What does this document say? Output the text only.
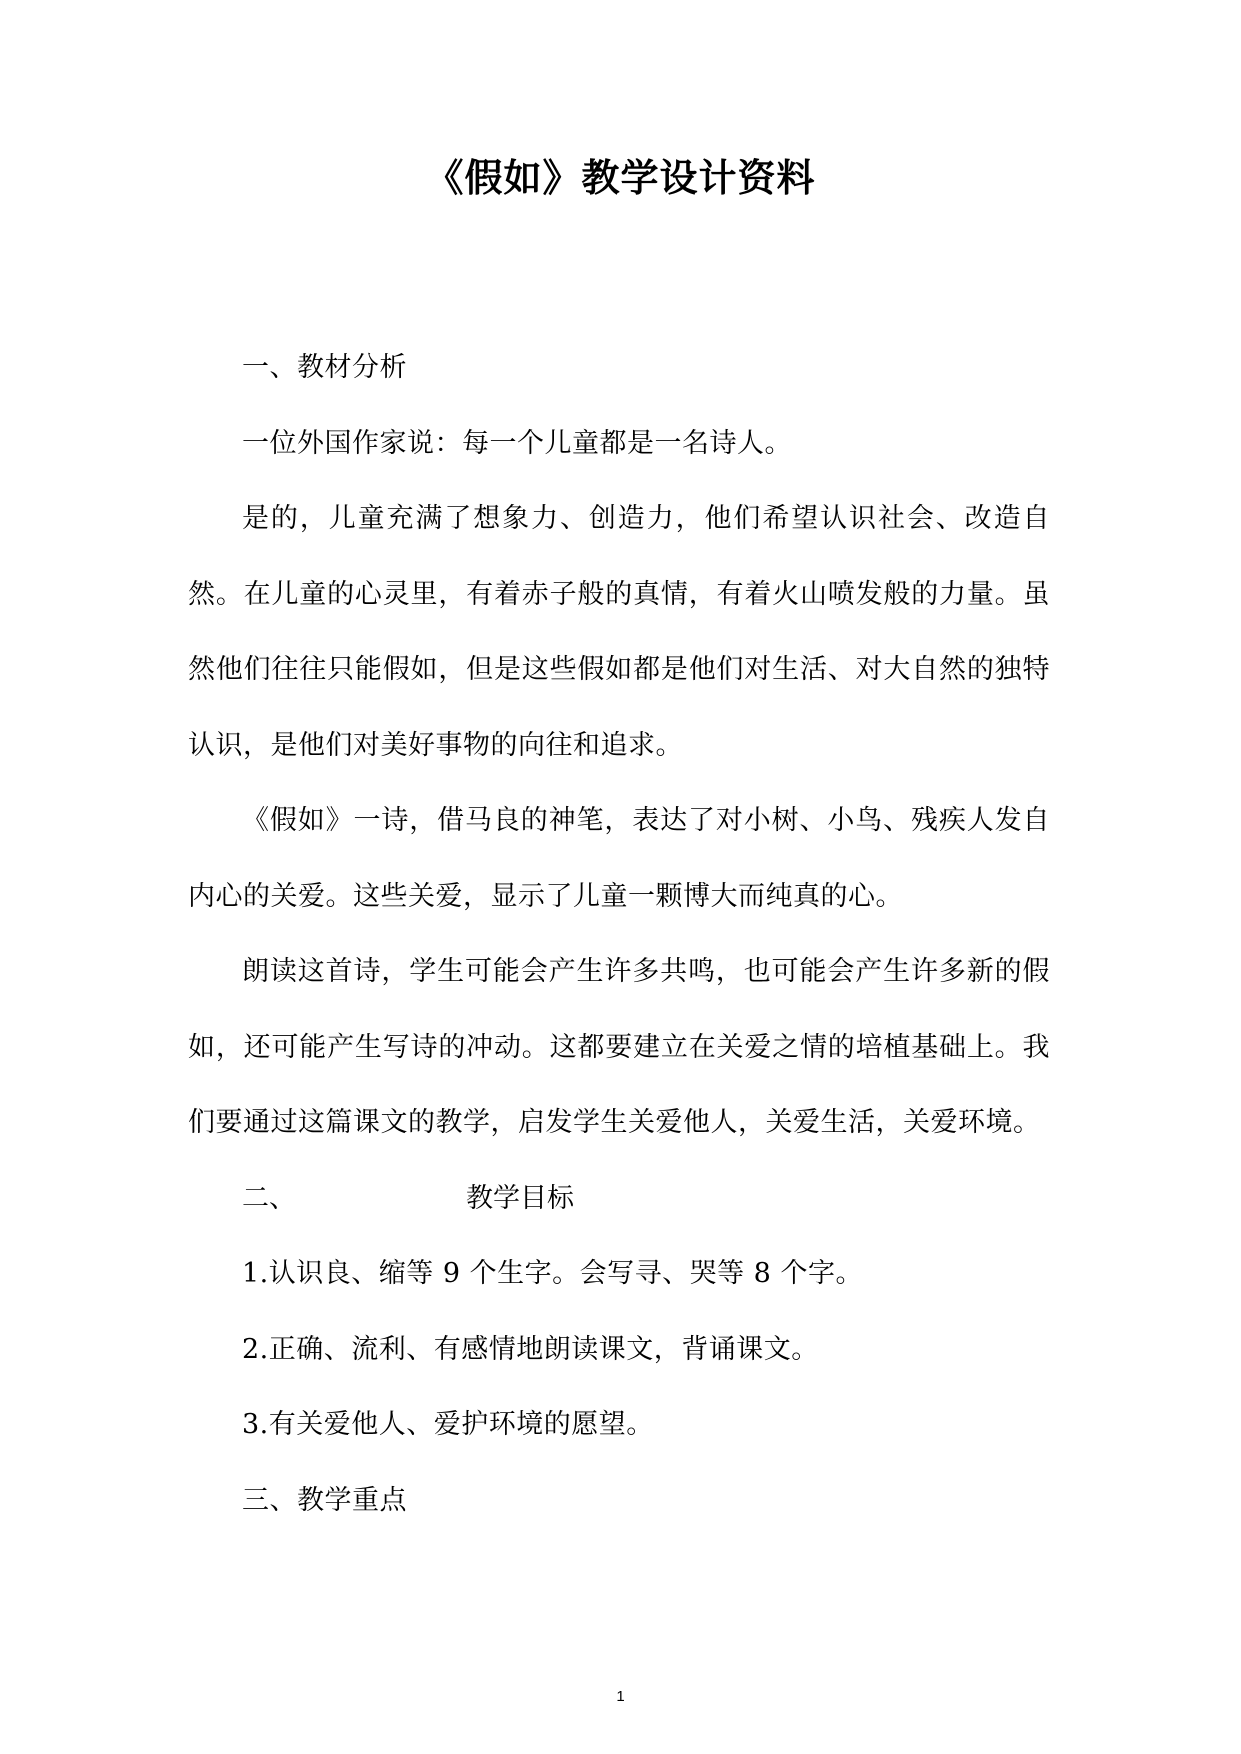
《假如》教学设计资料

一、教材分析

一位外国作家说：每一个儿童都是一名诗人。

是的，儿童充满了想象力、创造力，他们希望认识社会、改造自然。在儿童的心灵里，有着赤子般的真情，有着火山喷发般的力量。虽然他们往往只能假如，但是这些假如都是他们对生活、对大自然的独特认识，是他们对美好事物的向往和追求。

《假如》一诗，借马良的神笔，表达了对小树、小鸟、残疾人发自内心的关爱。这些关爱，显示了儿童一颗博大而纯真的心。

朗读这首诗，学生可能会产生许多共鸣，也可能会产生许多新的假如，还可能产生写诗的冲动。这都要建立在关爱之情的培植基础上。我们要通过这篇课文的教学，启发学生关爱他人，关爱生活，关爱环境。

二、	教学目标

1.认识良、缩等 9 个生字。会写寻、哭等 8 个字。

2.正确、流利、有感情地朗读课文，背诵课文。

3.有关爱他人、爱护环境的愿望。

三、教学重点

1
